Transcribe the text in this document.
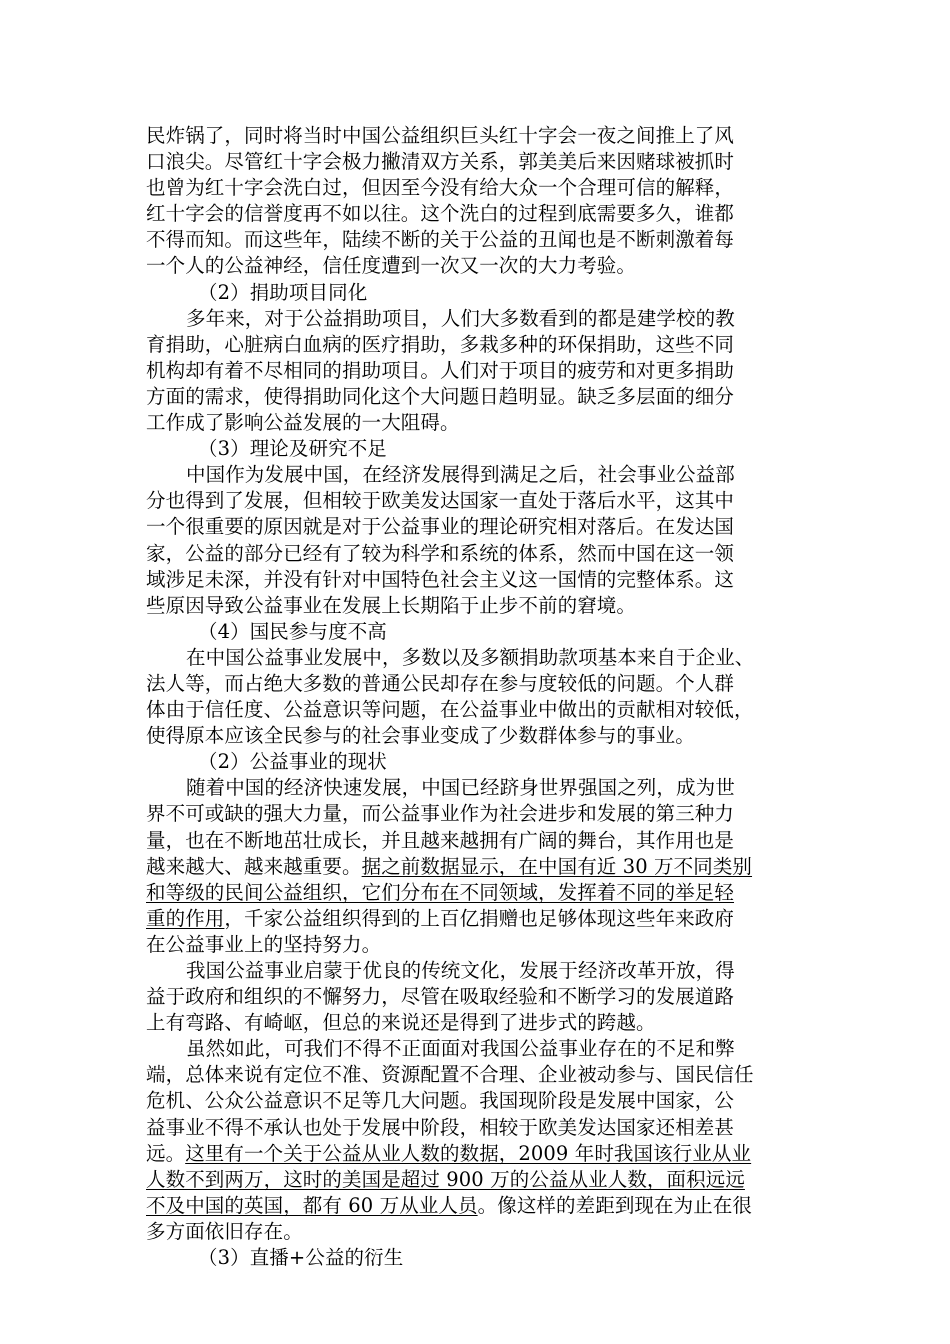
民炸锅了，同时将当时中国公益组织巨头红十字会一夜之间推上了风
口浪尖。尽管红十字会极力撇清双方关系，郭美美后来因赌球被抓时
也曾为红十字会洗白过，但因至今没有给大众一个合理可信的解释，
红十字会的信誉度再不如以往。这个洗白的过程到底需要多久，谁都
不得而知。而这些年，陆续不断的关于公益的丑闻也是不断刺激着每
一个人的公益神经，信任度遭到一次又一次的大力考验。
（2）捐助项目同化
多年来，对于公益捐助项目，人们大多数看到的都是建学校的教
育捐助，心脏病白血病的医疗捐助，多栽多种的环保捐助，这些不同
机构却有着不尽相同的捐助项目。人们对于项目的疲劳和对更多捐助
方面的需求，使得捐助同化这个大问题日趋明显。缺乏多层面的细分
工作成了影响公益发展的一大阻碍。
（3）理论及研究不足
中国作为发展中国，在经济发展得到满足之后，社会事业公益部
分也得到了发展，但相较于欧美发达国家一直处于落后水平，这其中
一个很重要的原因就是对于公益事业的理论研究相对落后。在发达国
家，公益的部分已经有了较为科学和系统的体系，然而中国在这一领
域涉足未深，并没有针对中国特色社会主义这一国情的完整体系。这
些原因导致公益事业在发展上长期陷于止步不前的窘境。
（4）国民参与度不高
在中国公益事业发展中，多数以及多额捐助款项基本来自于企业、
法人等，而占绝大多数的普通公民却存在参与度较低的问题。个人群
体由于信任度、公益意识等问题，在公益事业中做出的贡献相对较低，
使得原本应该全民参与的社会事业变成了少数群体参与的事业。
（2）公益事业的现状
随着中国的经济快速发展，中国已经跻身世界强国之列，成为世
界不可或缺的强大力量，而公益事业作为社会进步和发展的第三种力
量，也在不断地茁壮成长，并且越来越拥有广阔的舞台，其作用也是
越来越大、越来越重要。据之前数据显示，在中国有近 30 万不同类别
和等级的民间公益组织，它们分布在不同领域，发挥着不同的举足轻
重的作用，千家公益组织得到的上百亿捐赠也足够体现这些年来政府
在公益事业上的坚持努力。
我国公益事业启蒙于优良的传统文化，发展于经济改革开放，得
益于政府和组织的不懈努力，尽管在吸取经验和不断学习的发展道路
上有弯路、有崎岖，但总的来说还是得到了进步式的跨越。
虽然如此，可我们不得不正面面对我国公益事业存在的不足和弊
端，总体来说有定位不准、资源配置不合理、企业被动参与、国民信任
危机、公众公益意识不足等几大问题。我国现阶段是发展中国家，公
益事业不得不承认也处于发展中阶段，相较于欧美发达国家还相差甚
远。这里有一个关于公益从业人数的数据，2009 年时我国该行业从业
人数不到两万，这时的美国是超过 900 万的公益从业人数，面积远远
不及中国的英国，都有 60 万从业人员。像这样的差距到现在为止在很
多方面依旧存在。
（3）直播+公益的衍生
